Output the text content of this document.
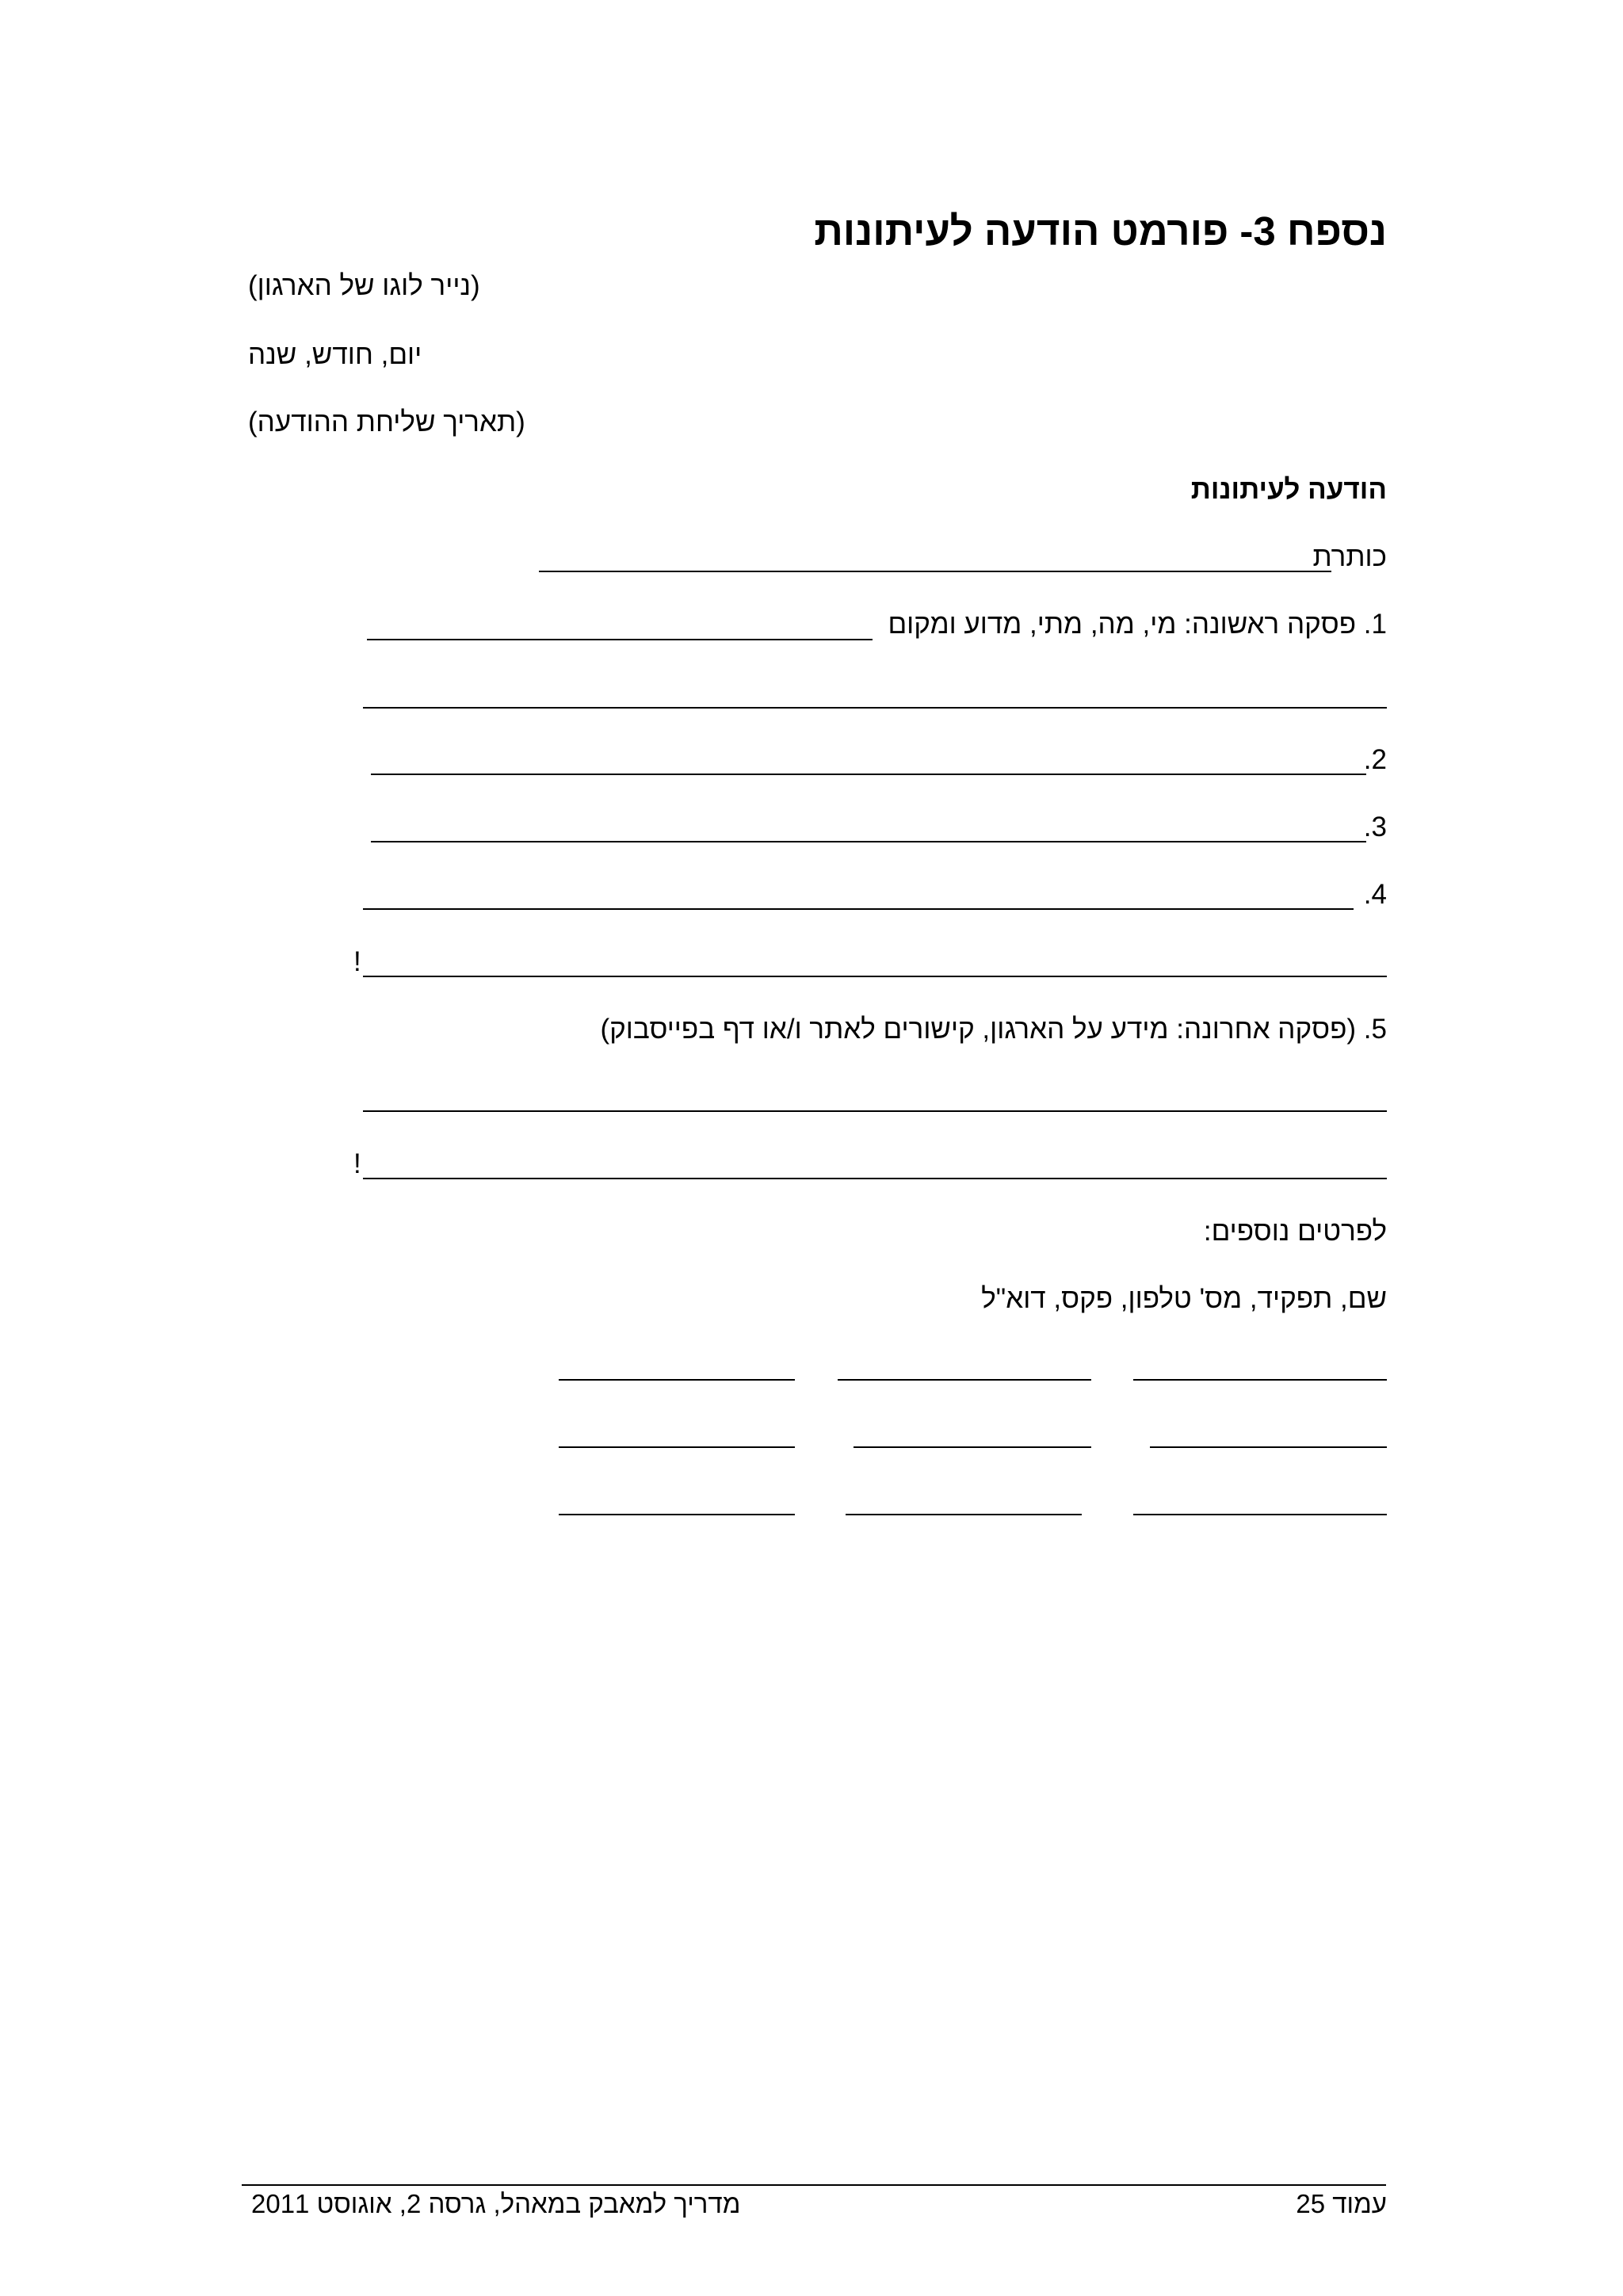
נספח 3- פורמט הודעה לעיתונות
(נייר לוגו של הארגון)
יום, חודש, שנה
(תאריך שליחת ההודעה)
הודעה לעיתונות
כותרת
1. פסקה ראשונה: מי, מה, מתי, מדוע ומקום
2.
3.
4.
!
5. (פסקה אחרונה: מידע על הארגון, קישורים לאתר ו/או דף בפייסבוק)
!
לפרטים נוספים:
שם, תפקיד, מס' טלפון, פקס, דוא"ל
עמוד 25
מדריך למאבק במאהל, גרסה 2, אוגוסט 2011
